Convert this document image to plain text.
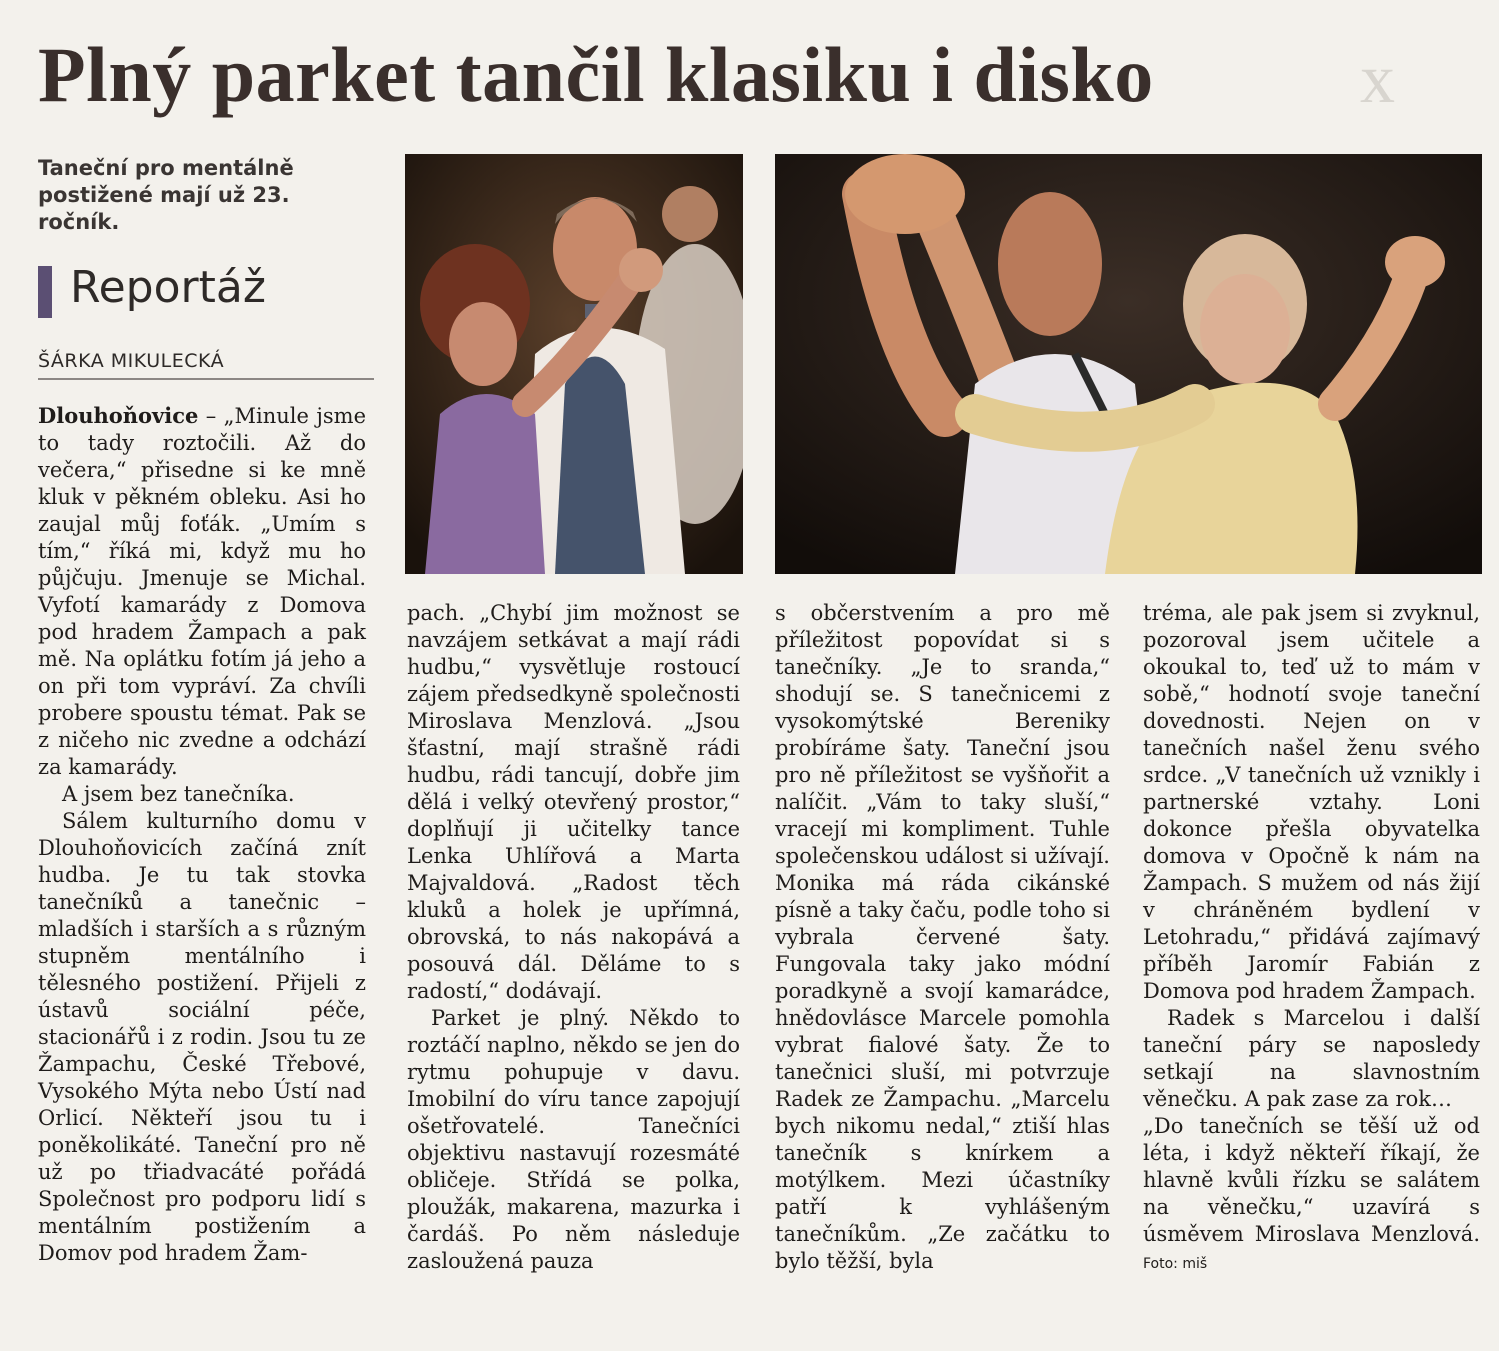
x
Plný parket tančil klasiku i disko
Taneční pro mentálně postižené mají už 23. ročník.
Reportáž
ŠÁRKA MIKULECKÁ

Dlouhoňovice – „Minule jsme to tady roztočili. Až do večera,“ přisedne si ke mně kluk v pěkném obleku. Asi ho zaujal můj foťák. „Umím s tím,“ říká mi, když mu ho půjčuju. Jmenuje se Michal. Vyfotí kamarády z Domova pod hradem Žampach a pak mě. Na oplátku fotím já jeho a on při tom vypráví. Za chvíli probere spoustu témat. Pak se z ničeho nic zvedne a odchází za kamarády.

A jsem bez tanečníka.

Sálem kulturního domu v Dlouhoňovicích začíná znít hudba. Je tu tak stovka tanečníků a tanečnic – mladších i starších a s různým stupněm mentálního i tělesného postižení. Přijeli z ústavů sociální péče, stacionářů i z rodin. Jsou tu ze Žampachu, České Třebové, Vysokého Mýta nebo Ústí nad Orlicí. Někteří jsou tu i poněkolikáté. Taneční pro ně už po třiadvacáté pořádá Společnost pro podporu lidí s mentálním postižením a Domov pod hradem Žam-

pach. „Chybí jim možnost se navzájem setkávat a mají rádi hudbu,“ vysvětluje rostoucí zájem předsedkyně společnosti Miroslava Menzlová. „Jsou šťastní, mají strašně rádi hudbu, rádi tancují, dobře jim dělá i velký otevřený prostor,“ doplňují ji učitelky tance Lenka Uhlířová a Marta Majvaldová. „Radost těch kluků a holek je upřímná, obrovská, to nás nakopává a posouvá dál. Děláme to s radostí,“ dodávají.

Parket je plný. Někdo to roztáčí naplno, někdo se jen do rytmu pohupuje v davu. Imobilní do víru tance zapojují ošetřovatelé. Tanečníci objektivu nastavují rozesmáté obličeje. Střídá se polka, ploužák, makarena, mazurka i čardáš. Po něm následuje zasloužená pauza

s občerstvením a pro mě příležitost popovídat si s tanečníky. „Je to sranda,“ shodují se. S tanečnicemi z vysokomýtské Bereniky probíráme šaty. Taneční jsou pro ně příležitost se vyšňořit a nalíčit. „Vám to taky sluší,“ vracejí mi kompliment. Tuhle společenskou událost si užívají. Monika má ráda cikánské písně a taky čaču, podle toho si vybrala červené šaty. Fungovala taky jako módní poradkyně a svojí kamarádce, hnědovlásce Marcele pomohla vybrat fialové šaty. Že to tanečnici sluší, mi potvrzuje Radek ze Žampachu. „Marcelu bych nikomu nedal,“ ztiší hlas tanečník s knírkem a motýlkem. Mezi účastníky patří k vyhlášeným tanečníkům. „Ze začátku to bylo těžší, byla

tréma, ale pak jsem si zvyknul, pozoroval jsem učitele a okoukal to, teď už to mám v sobě,“ hodnotí svoje taneční dovednosti. Nejen on v tanečních našel ženu svého srdce. „V tanečních už vznikly i partnerské vztahy. Loni dokonce přešla obyvatelka domova v Opočně k nám na Žampach. S mužem od nás žijí v chráněném bydlení v Letohradu,“ přidává zajímavý příběh Jaromír Fabián z Domova pod hradem Žampach.

Radek s Marcelou i další taneční páry se naposledy setkají na slavnostním věnečku. A pak zase za rok…

„Do tanečních se těší už od léta, i když někteří říkají, že hlavně kvůli řízku se salátem na věnečku,“ uzavírá s úsměvem Miroslava Menzlová. Foto: miš
